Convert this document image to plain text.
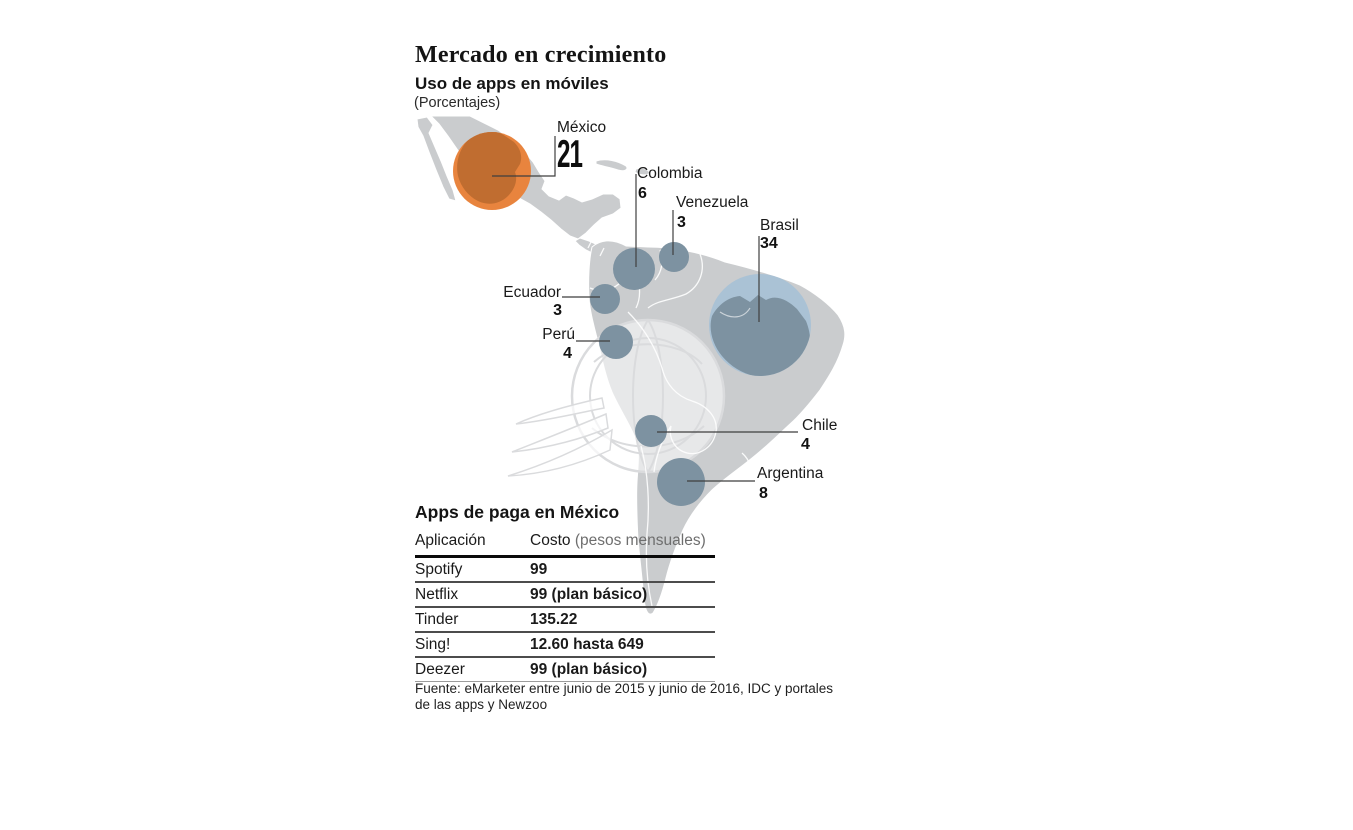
Mercado en crecimiento
Uso de apps en móviles
(Porcentajes)
México
21	Colombia
6
Venezuela
3	Brasil
34
Ecuador
3
Perú
4
Chile
4
Argentina
8
Apps de paga en México
Aplicación	Costo (pesos mensuales)
Spotify	99
Netflix	99 (plan básico)
Tinder	135.22
Sing!	12.60 hasta 649
Deezer	99 (plan básico)
Fuente: eMarketer entre junio de 2015 y junio de 2016, IDC y portales de las apps y Newzoo
